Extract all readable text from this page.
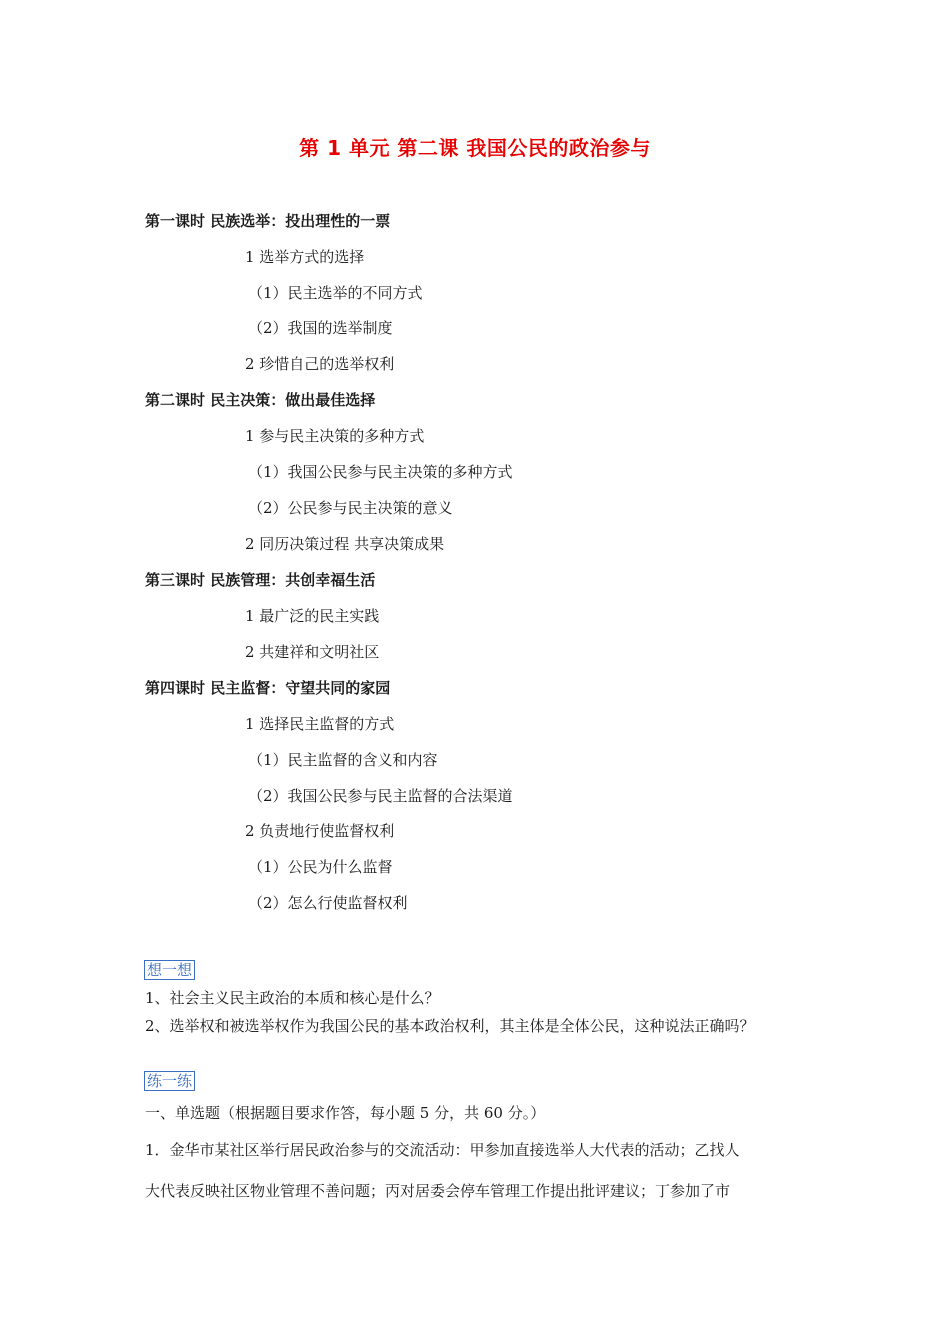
第 1 单元 第二课 我国公民的政治参与
第一课时 民族选举：投出理性的一票
1 选举方式的选择
（1）民主选举的不同方式
（2）我国的选举制度
2 珍惜自己的选举权利
第二课时 民主决策：做出最佳选择
1 参与民主决策的多种方式
（1）我国公民参与民主决策的多种方式
（2）公民参与民主决策的意义
2 同历决策过程 共享决策成果
第三课时 民族管理：共创幸福生活
1 最广泛的民主实践
2 共建祥和文明社区
第四课时 民主监督：守望共同的家园
1 选择民主监督的方式
（1）民主监督的含义和内容
（2）我国公民参与民主监督的合法渠道
2 负责地行使监督权利
（1）公民为什么监督
（2）怎么行使监督权利
想一想
1、社会主义民主政治的本质和核心是什么？
2、选举权和被选举权作为我国公民的基本政治权利，其主体是全体公民，这种说法正确吗？
练一练
一、单选题（根据题目要求作答，每小题 5 分，共 60 分。）
1．金华市某社区举行居民政治参与的交流活动：甲参加直接选举人大代表的活动；乙找人
大代表反映社区物业管理不善问题；丙对居委会停车管理工作提出批评建议；丁参加了市
